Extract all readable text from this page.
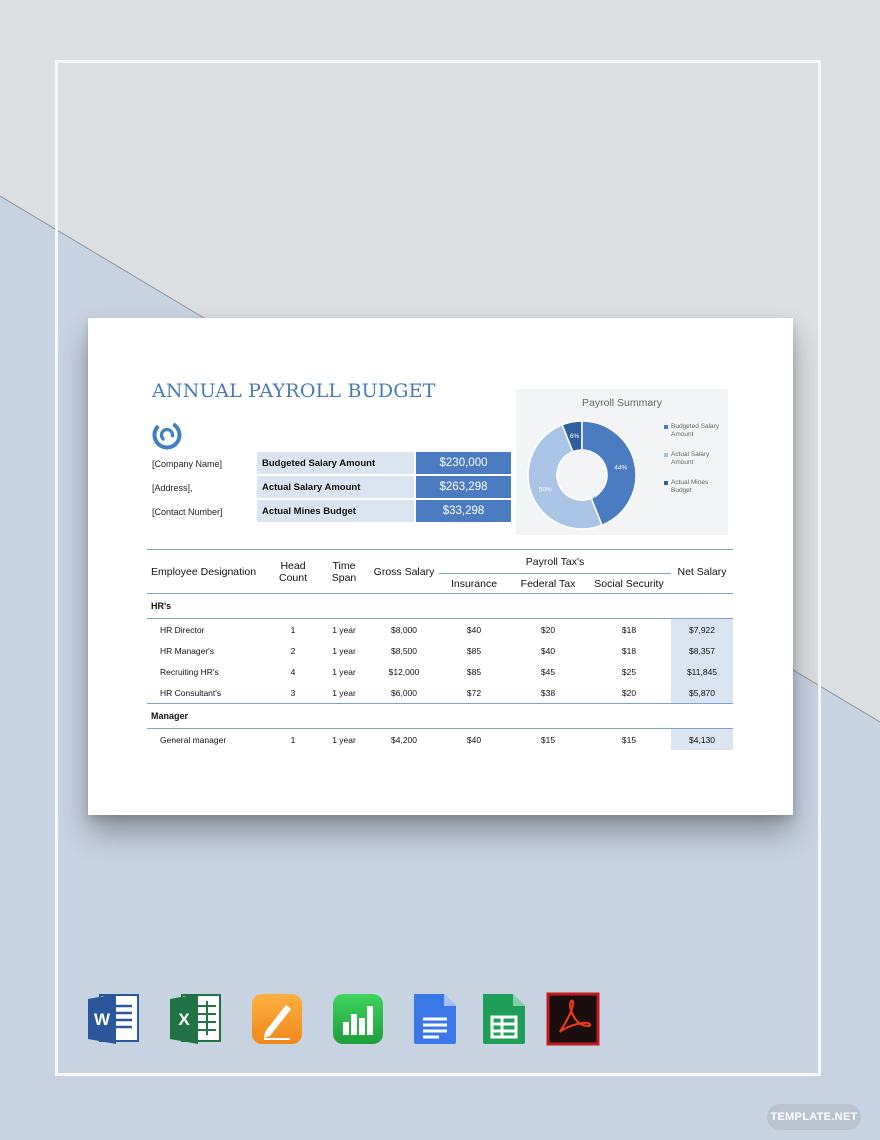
ANNUAL PAYROLL BUDGET
[Company Name]
[Address],
[Contact Number]
Budgeted Salary Amount	$230,000
Actual Salary Amount	$263,298
Actual Mines Budget	$33,298
Payroll Summary
6%
44%
50%
Budgeted Salary Amount
Actual Salary Amount
Actual Mines Budget
Employee Designation	Head Count	Time Span	Gross Salary	Payroll Tax's			Net Salary
				Insurance	Federal Tax	Social Security	
HR's							
HR Director	1	1 year	$8,000	$40	$20	$18	$7,922
HR Manager's	2	1 year	$8,500	$85	$40	$18	$8,357
Recruiting HR's	4	1 year	$12,000	$85	$45	$25	$11,845
HR Consultant's	3	1 year	$6,000	$72	$38	$20	$5,870
Manager							
General manager	1	1 year	$4,200	$40	$15	$15	$4,130
W	X
TEMPLATE.NET
